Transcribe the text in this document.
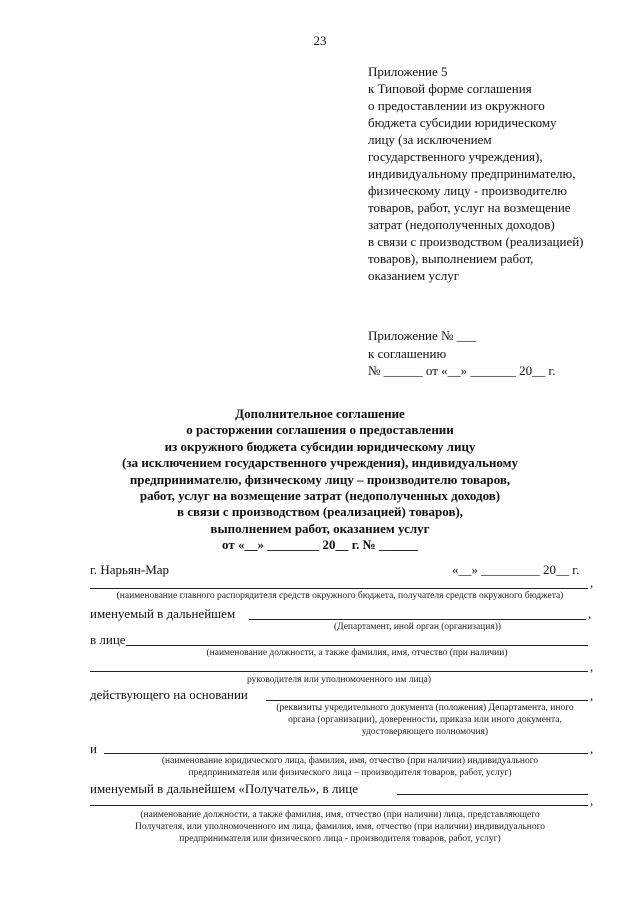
23
Приложение 5
к Типовой форме соглашения
о предоставлении из окружного
бюджета субсидии юридическому
лицу (за исключением
государственного учреждения),
индивидуальному предпринимателю,
физическому лицу - производителю
товаров, работ, услуг на возмещение
затрат (недополученных доходов)
в связи с производством (реализацией)
товаров), выполнением работ,
оказанием услуг
Приложение № ___
к соглашению
№ ______ от «__» _______ 20__ г.
Дополнительное соглашение
о расторжении соглашения о предоставлении
из окружного бюджета субсидии юридическому лицу
(за исключением государственного учреждения), индивидуальному
предпринимателю, физическому лицу – производителю товаров,
работ, услуг на возмещение затрат (недополученных доходов)
в связи с производством (реализацией) товаров),
выполнением работ, оказанием услуг
от «__» ________ 20__ г. № ______
г. Нарьян-Мар	«__» _________ 20__ г.
,
(наименование главного распорядителя средств окружного бюджета, получателя средств окружного бюджета)
именуемый в дальнейшем	,
(Департамент, иной орган (организация))
в лице
(наименование должности, а также фамилия, имя, отчество (при наличии)
,
руководителя или уполномоченного им лица)
действующего на основании	,
(реквизиты учредительного документа (положения) Департамента, иного
органа (организации), доверенности, приказа или иного документа,
удостоверяющего полномочия)
и	,
(наименование юридического лица, фамилия, имя, отчество (при наличии) индивидуального
предпринимателя или физического лица – производителя товаров, работ, услуг)
именуемый в дальнейшем «Получатель», в лице
,
(наименование должности, а также фамилия, имя, отчество (при наличии) лица, представляющего
Получателя, или уполномоченного им лица, фамилия, имя, отчество (при наличии) индивидуального
предпринимателя или физического лица - производителя товаров, работ, услуг)
